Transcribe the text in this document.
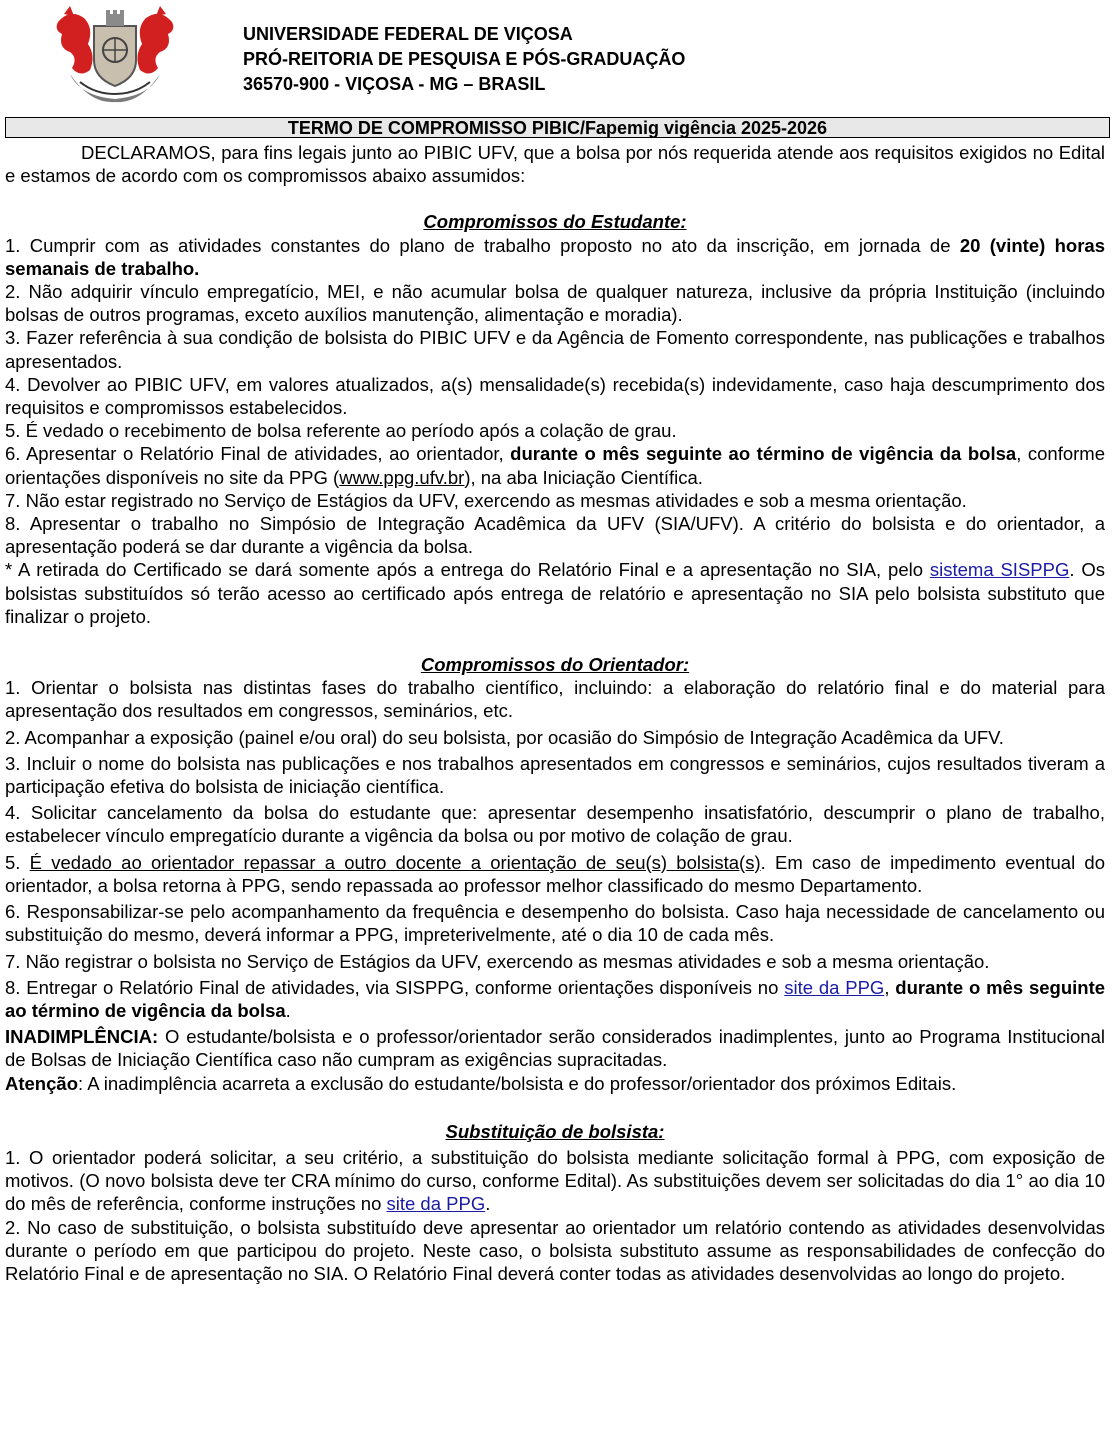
UNIVERSIDADE FEDERAL DE VIÇOSA
PRÓ-REITORIA DE PESQUISA E PÓS-GRADUAÇÃO
36570-900 - VIÇOSA - MG – BRASIL
TERMO DE COMPROMISSO PIBIC/Fapemig vigência 2025-2026

DECLARAMOS, para fins legais junto ao PIBIC UFV, que a bolsa por nós requerida atende aos requisitos exigidos no Edital e estamos de acordo com os compromissos abaixo assumidos:

Compromissos do Estudante:

1. Cumprir com as atividades constantes do plano de trabalho proposto no ato da inscrição, em jornada de 20 (vinte) horas semanais de trabalho.

2. Não adquirir vínculo empregatício, MEI, e não acumular bolsa de qualquer natureza, inclusive da própria Instituição (incluindo bolsas de outros programas, exceto auxílios manutenção, alimentação e moradia).

3. Fazer referência à sua condição de bolsista do PIBIC UFV e da Agência de Fomento correspondente, nas publicações e trabalhos apresentados.

4. Devolver ao PIBIC UFV, em valores atualizados, a(s) mensalidade(s) recebida(s) indevidamente, caso haja descumprimento dos requisitos e compromissos estabelecidos.

5. É vedado o recebimento de bolsa referente ao período após a colação de grau.

6. Apresentar o Relatório Final de atividades, ao orientador, durante o mês seguinte ao término de vigência da bolsa, conforme orientações disponíveis no site da PPG (www.ppg.ufv.br), na aba Iniciação Científica.

7. Não estar registrado no Serviço de Estágios da UFV, exercendo as mesmas atividades e sob a mesma orientação.

8. Apresentar o trabalho no Simpósio de Integração Acadêmica da UFV (SIA/UFV). A critério do bolsista e do orientador, a apresentação poderá se dar durante a vigência da bolsa.

* A retirada do Certificado se dará somente após a entrega do Relatório Final e a apresentação no SIA, pelo sistema SISPPG. Os bolsistas substituídos só terão acesso ao certificado após entrega de relatório e apresentação no SIA pelo bolsista substituto que finalizar o projeto.

Compromissos do Orientador:

1. Orientar o bolsista nas distintas fases do trabalho científico, incluindo: a elaboração do relatório final e do material para apresentação dos resultados em congressos, seminários, etc.

2. Acompanhar a exposição (painel e/ou oral) do seu bolsista, por ocasião do Simpósio de Integração Acadêmica da UFV.

3. Incluir o nome do bolsista nas publicações e nos trabalhos apresentados em congressos e seminários, cujos resultados tiveram a participação efetiva do bolsista de iniciação científica.

4. Solicitar cancelamento da bolsa do estudante que: apresentar desempenho insatisfatório, descumprir o plano de trabalho, estabelecer vínculo empregatício durante a vigência da bolsa ou por motivo de colação de grau.

5. É vedado ao orientador repassar a outro docente a orientação de seu(s) bolsista(s). Em caso de impedimento eventual do orientador, a bolsa retorna à PPG, sendo repassada ao professor melhor classificado do mesmo Departamento.

6. Responsabilizar-se pelo acompanhamento da frequência e desempenho do bolsista. Caso haja necessidade de cancelamento ou substituição do mesmo, deverá informar a PPG, impreterivelmente, até o dia 10 de cada mês.

7. Não registrar o bolsista no Serviço de Estágios da UFV, exercendo as mesmas atividades e sob a mesma orientação.

8. Entregar o Relatório Final de atividades, via SISPPG, conforme orientações disponíveis no site da PPG, durante o mês seguinte ao término de vigência da bolsa.

INADIMPLÊNCIA: O estudante/bolsista e o professor/orientador serão considerados inadimplentes, junto ao Programa Institucional de Bolsas de Iniciação Científica caso não cumpram as exigências supracitadas.

Atenção: A inadimplência acarreta a exclusão do estudante/bolsista e do professor/orientador dos próximos Editais.

Substituição de bolsista:

1. O orientador poderá solicitar, a seu critério, a substituição do bolsista mediante solicitação formal à PPG, com exposição de motivos. (O novo bolsista deve ter CRA mínimo do curso, conforme Edital). As substituições devem ser solicitadas do dia 1° ao dia 10 do mês de referência, conforme instruções no site da PPG.

2. No caso de substituição, o bolsista substituído deve apresentar ao orientador um relatório contendo as atividades desenvolvidas durante o período em que participou do projeto. Neste caso, o bolsista substituto assume as responsabilidades de confecção do Relatório Final e de apresentação no SIA. O Relatório Final deverá conter todas as atividades desenvolvidas ao longo do projeto.
